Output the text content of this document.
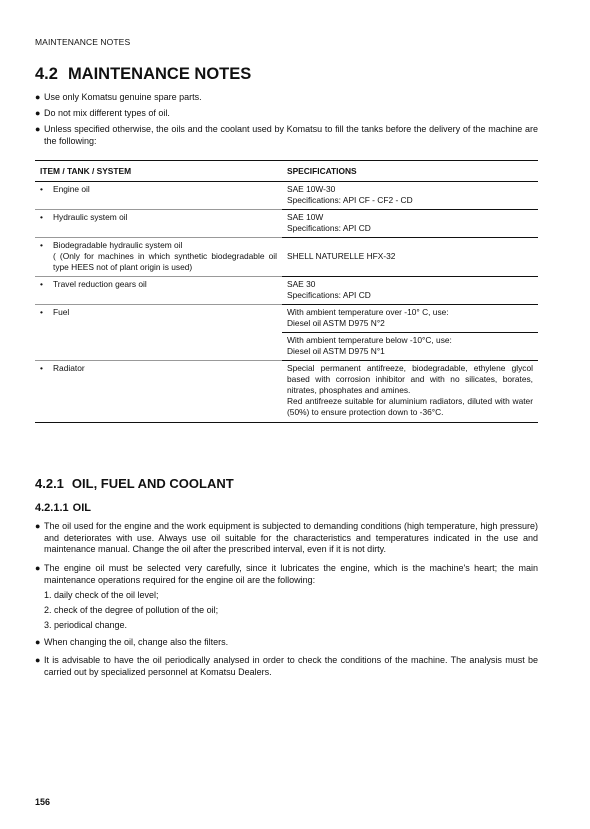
MAINTENANCE NOTES
4.2 MAINTENANCE NOTES
● Use only Komatsu genuine spare parts.
● Do not mix different types of oil.
● Unless specified otherwise, the oils and the coolant used by Komatsu to fill the tanks before the delivery of the machine are the following:
ITEM / TANK / SYSTEM	SPECIFICATIONS
• Engine oil	SAE 10W-30
Specifications: API CF - CF2 - CD

• Hydraulic system oil	SAE 10W
Specifications: API CD

• Biodegradable hydraulic system oil
( (Only for machines in which synthetic biodegradable oil type HEES not of plant origin is used)	SHELL NATURELLE HFX-32

• Travel reduction gears oil	SAE 30
Specifications: API CD

• Fuel	With ambient temperature over -10° C, use:
Diesel oil ASTM D975 N°2

	With ambient temperature below -10°C, use:
Diesel oil ASTM D975 N°1

• Radiator	Special permanent antifreeze, biodegradable, ethylene glycol based with corrosion inhibitor and with no silicates, borates, nitrates, phosphates and amines.
Red antifreeze suitable for aluminium radiators, diluted with water (50%) to ensure protection down to -36°C.
4.2.1 OIL, FUEL AND COOLANT
4.2.1.1 OIL
● The oil used for the engine and the work equipment is subjected to demanding conditions (high temperature, high pressure) and deteriorates with use. Always use oil suitable for the characteristics and temperatures indicated in the use and maintenance manual. Change the oil after the prescribed interval, even if it is not dirty.
● The engine oil must be selected very carefully, since it lubricates the engine, which is the machine's heart; the main maintenance operations required for the engine oil are the following:
1. daily check of the oil level;
2. check of the degree of pollution of the oil;
3. periodical change.
● When changing the oil, change also the filters.
● It is advisable to have the oil periodically analysed in order to check the conditions of the machine. The analysis must be carried out by specialized personnel at Komatsu Dealers.
156
